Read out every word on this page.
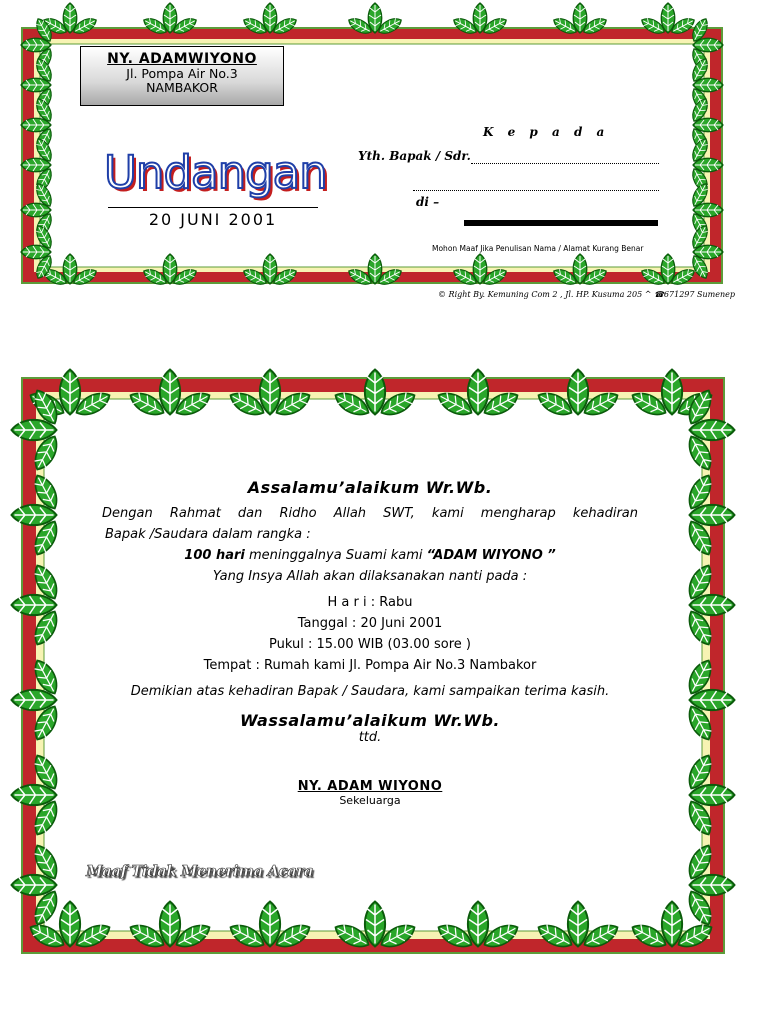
NY. ADAMWIYONO
Jl. Pompa Air No.3
NAMBAKOR
Undangan
20 JUNI 2001
K e p a d a
Yth. Bapak / Sdr.
di –
Mohon Maaf Jika Penulisan Nama / Alamat Kurang Benar
© Right By. Kemuning Com 2 , Jl. HP. Kusuma 205 ^ ☎671297 Sumenep

Assalamu’alaikum Wr.Wb.

Dengan Rahmat dan Ridho Allah SWT, kami mengharap kehadiran

Bapak /Saudara dalam rangka :

100 hari meninggalnya Suami kami “ADAM WIYONO ”

Yang Insya Allah akan dilaksanakan nanti pada :

H a r i : Rabu

Tanggal : 20 Juni 2001

Pukul : 15.00 WIB (03.00 sore )

Tempat : Rumah kami Jl. Pompa Air No.3 Nambakor

Demikian atas kehadiran Bapak / Saudara, kami sampaikan terima kasih.

Wassalamu’alaikum Wr.Wb.

ttd.

NY. ADAM WIYONO

Sekeluarga

Maaf Tidak Menerima Acara
